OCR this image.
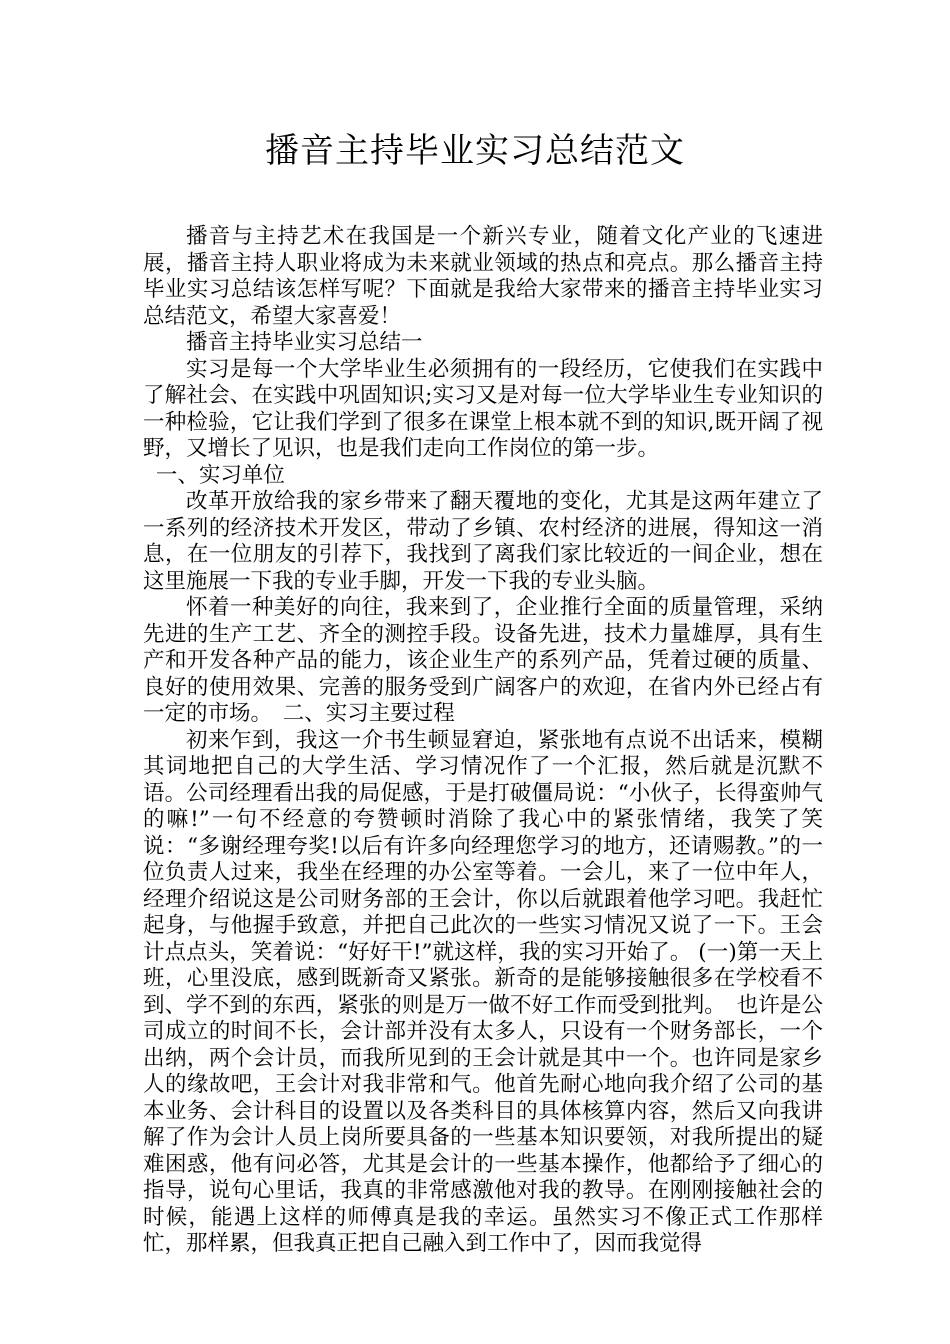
播音主持毕业实习总结范文

播音与主持艺术在我国是一个新兴专业，随着文化产业的飞速进展，播音主持人职业将成为未来就业领域的热点和亮点。那么播音主持毕业实习总结该怎样写呢？下面就是我给大家带来的播音主持毕业实习总结范文，希望大家喜爱！

播音主持毕业实习总结一

实习是每一个大学毕业生必须拥有的一段经历，它使我们在实践中了解社会、在实践中巩固知识;实习又是对每一位大学毕业生专业知识的一种检验，它让我们学到了很多在课堂上根本就不到的知识,既开阔了视野，又增长了见识，也是我们走向工作岗位的第一步。

一、实习单位

改革开放给我的家乡带来了翻天覆地的变化，尤其是这两年建立了一系列的经济技术开发区，带动了乡镇、农村经济的进展，得知这一消息，在一位朋友的引荐下，我找到了离我们家比较近的一间企业，想在这里施展一下我的专业手脚，开发一下我的专业头脑。

怀着一种美好的向往，我来到了，企业推行全面的质量管理，采纳先进的生产工艺、齐全的测控手段。设备先进，技术力量雄厚，具有生产和开发各种产品的能力，该企业生产的系列产品，凭着过硬的质量、良好的使用效果、完善的服务受到广阔客户的欢迎，在省内外已经占有一定的市场。　二、实习主要过程

初来乍到，我这一介书生顿显窘迫，紧张地有点说不出话来，模糊其词地把自己的大学生活、学习情况作了一个汇报，然后就是沉默不语。公司经理看出我的局促感，于是打破僵局说：“小伙子，长得蛮帅气的嘛!”一句不经意的夸赞顿时消除了我心中的紧张情绪，我笑了笑说：“多谢经理夸奖!以后有许多向经理您学习的地方，还请赐教。”的一位负责人过来，我坐在经理的办公室等着。一会儿，来了一位中年人，经理介绍说这是公司财务部的王会计，你以后就跟着他学习吧。我赶忙起身，与他握手致意，并把自己此次的一些实习情况又说了一下。王会计点点头，笑着说：“好好干!”就这样，我的实习开始了。 (一)第一天上班，心里没底，感到既新奇又紧张。新奇的是能够接触很多在学校看不到、学不到的东西，紧张的则是万一做不好工作而受到批判。　也许是公司成立的时间不长，会计部并没有太多人，只设有一个财务部长，一个出纳，两个会计员，而我所见到的王会计就是其中一个。也许同是家乡人的缘故吧，王会计对我非常和气。他首先耐心地向我介绍了公司的基本业务、会计科目的设置以及各类科目的具体核算内容，然后又向我讲解了作为会计人员上岗所要具备的一些基本知识要领，对我所提出的疑难困惑，他有问必答，尤其是会计的一些基本操作，他都给予了细心的指导，说句心里话，我真的非常感激他对我的教导。在刚刚接触社会的时候，能遇上这样的师傅真是我的幸运。虽然实习不像正式工作那样忙，那样累，但我真正把自己融入到工作中了，因而我觉得
